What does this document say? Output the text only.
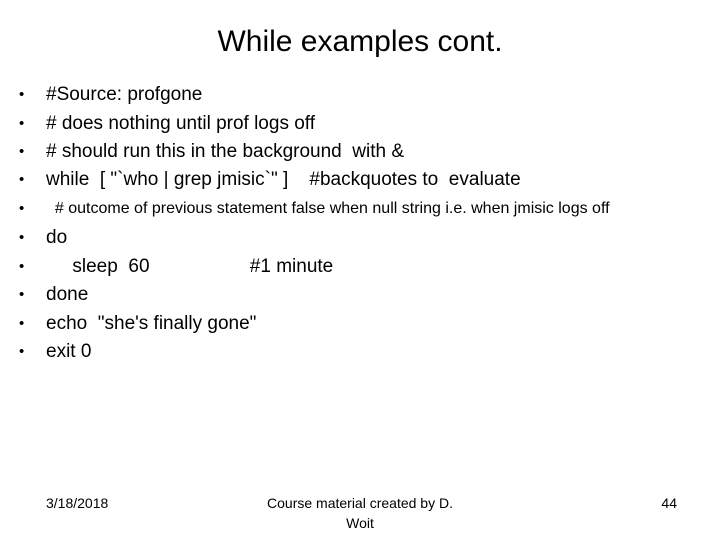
While examples cont.
• #Source: profgone
• # does nothing until prof logs off
• # should run this in the background  with &
• while  [ "`who | grep jmisic`" ]    #backquotes to  evaluate
• # outcome of previous statement false when null string i.e. when jmisic logs off
• do
• sleep  60                   #1 minute
• done
• echo  "she's finally gone"
• exit 0
3/18/2018	Course material created by D.
Woit
44
